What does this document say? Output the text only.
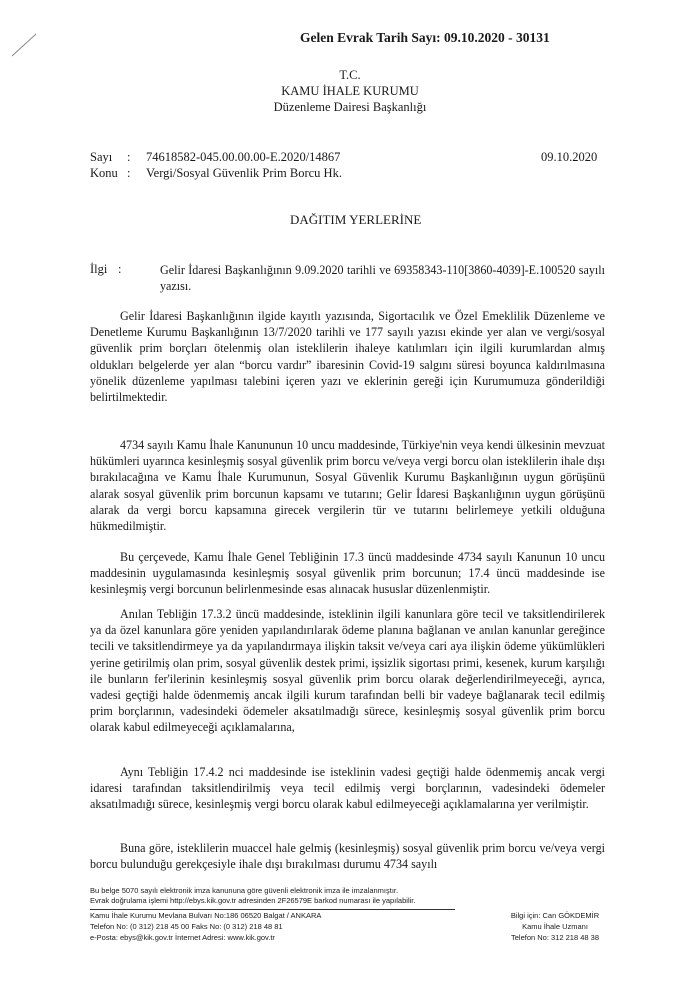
Gelen Evrak Tarih Sayı: 09.10.2020 - 30131
T.C.
KAMU İHALE KURUMU
Düzenleme Dairesi Başkanlığı
Sayı : 74618582-045.00.00.00-E.2020/14867	09.10.2020
Konu : Vergi/Sosyal Güvenlik Prim Borcu Hk.
DAĞITIM YERLERİNE
İlgi :	Gelir İdaresi Başkanlığının 9.09.2020 tarihli ve 69358343-110[3860-4039]-E.100520 sayılı yazısı.
Gelir İdaresi Başkanlığının ilgide kayıtlı yazısında, Sigortacılık ve Özel Emeklilik Düzenleme ve Denetleme Kurumu Başkanlığının 13/7/2020 tarihli ve 177 sayılı yazısı ekinde yer alan ve vergi/sosyal güvenlik prim borçları ötelenmiş olan isteklilerin ihaleye katılımları için ilgili kurumlardan almış oldukları belgelerde yer alan “borcu vardır” ibaresinin Covid-19 salgını süresi boyunca kaldırılmasına yönelik düzenleme yapılması talebini içeren yazı ve eklerinin gereği için Kurumumuza gönderildiği belirtilmektedir.
4734 sayılı Kamu İhale Kanununun 10 uncu maddesinde, Türkiye'nin veya kendi ülkesinin mevzuat hükümleri uyarınca kesinleşmiş sosyal güvenlik prim borcu ve/veya vergi borcu olan isteklilerin ihale dışı bırakılacağına ve Kamu İhale Kurumunun, Sosyal Güvenlik Kurumu Başkanlığının uygun görüşünü alarak sosyal güvenlik prim borcunun kapsamı ve tutarını; Gelir İdaresi Başkanlığının uygun görüşünü alarak da vergi borcu kapsamına girecek vergilerin tür ve tutarını belirlemeye yetkili olduğuna hükmedilmiştir.
Bu çerçevede, Kamu İhale Genel Tebliğinin 17.3 üncü maddesinde 4734 sayılı Kanunun 10 uncu maddesinin uygulamasında kesinleşmiş sosyal güvenlik prim borcunun; 17.4 üncü maddesinde ise kesinleşmiş vergi borcunun belirlenmesinde esas alınacak hususlar düzenlenmiştir.
Anılan Tebliğin 17.3.2 üncü maddesinde, isteklinin ilgili kanunlara göre tecil ve taksitlendirilerek ya da özel kanunlara göre yeniden yapılandırılarak ödeme planına bağlanan ve anılan kanunlar gereğince tecili ve taksitlendirmeye ya da yapılandırmaya ilişkin taksit ve/veya cari aya ilişkin ödeme yükümlükleri yerine getirilmiş olan prim, sosyal güvenlik destek primi, işsizlik sigortası primi, kesenek, kurum karşılığı ile bunların fer'ilerinin kesinleşmiş sosyal güvenlik prim borcu olarak değerlendirilmeyeceği, ayrıca, vadesi geçtiği halde ödenmemiş ancak ilgili kurum tarafından belli bir vadeye bağlanarak tecil edilmiş prim borçlarının, vadesindeki ödemeler aksatılmadığı sürece, kesinleşmiş sosyal güvenlik prim borcu olarak kabul edilmeyeceği açıklamalarına,
Aynı Tebliğin 17.4.2 nci maddesinde ise isteklinin vadesi geçtiği halde ödenmemiş ancak vergi idaresi tarafından taksitlendirilmiş veya tecil edilmiş vergi borçlarının, vadesindeki ödemeler aksatılmadığı sürece, kesinleşmiş vergi borcu olarak kabul edilmeyeceği açıklamalarına yer verilmiştir.
Buna göre, isteklilerin muaccel hale gelmiş (kesinleşmiş) sosyal güvenlik prim borcu ve/veya vergi borcu bulunduğu gerekçesiyle ihale dışı bırakılması durumu 4734 sayılı
Bu belge 5070 sayılı elektronik imza kanununa göre güvenli elektronik imza ile imzalanmıştır.
Evrak doğrulama işlemi http://ebys.kik.gov.tr adresinden 2F26579E barkod numarası ile yapılabilir.
Kamu İhale Kurumu Mevlana Bulvarı No:186 06520 Balgat / ANKARA
Telefon No: (0 312) 218 45 00 Faks No: (0 312) 218 48 81
e-Posta: ebys@kik.gov.tr İnternet Adresi: www.kik.gov.tr
Bilgi için: Can GÖKDEMİR
Kamu İhale Uzmanı
Telefon No: 312 218 48 38
